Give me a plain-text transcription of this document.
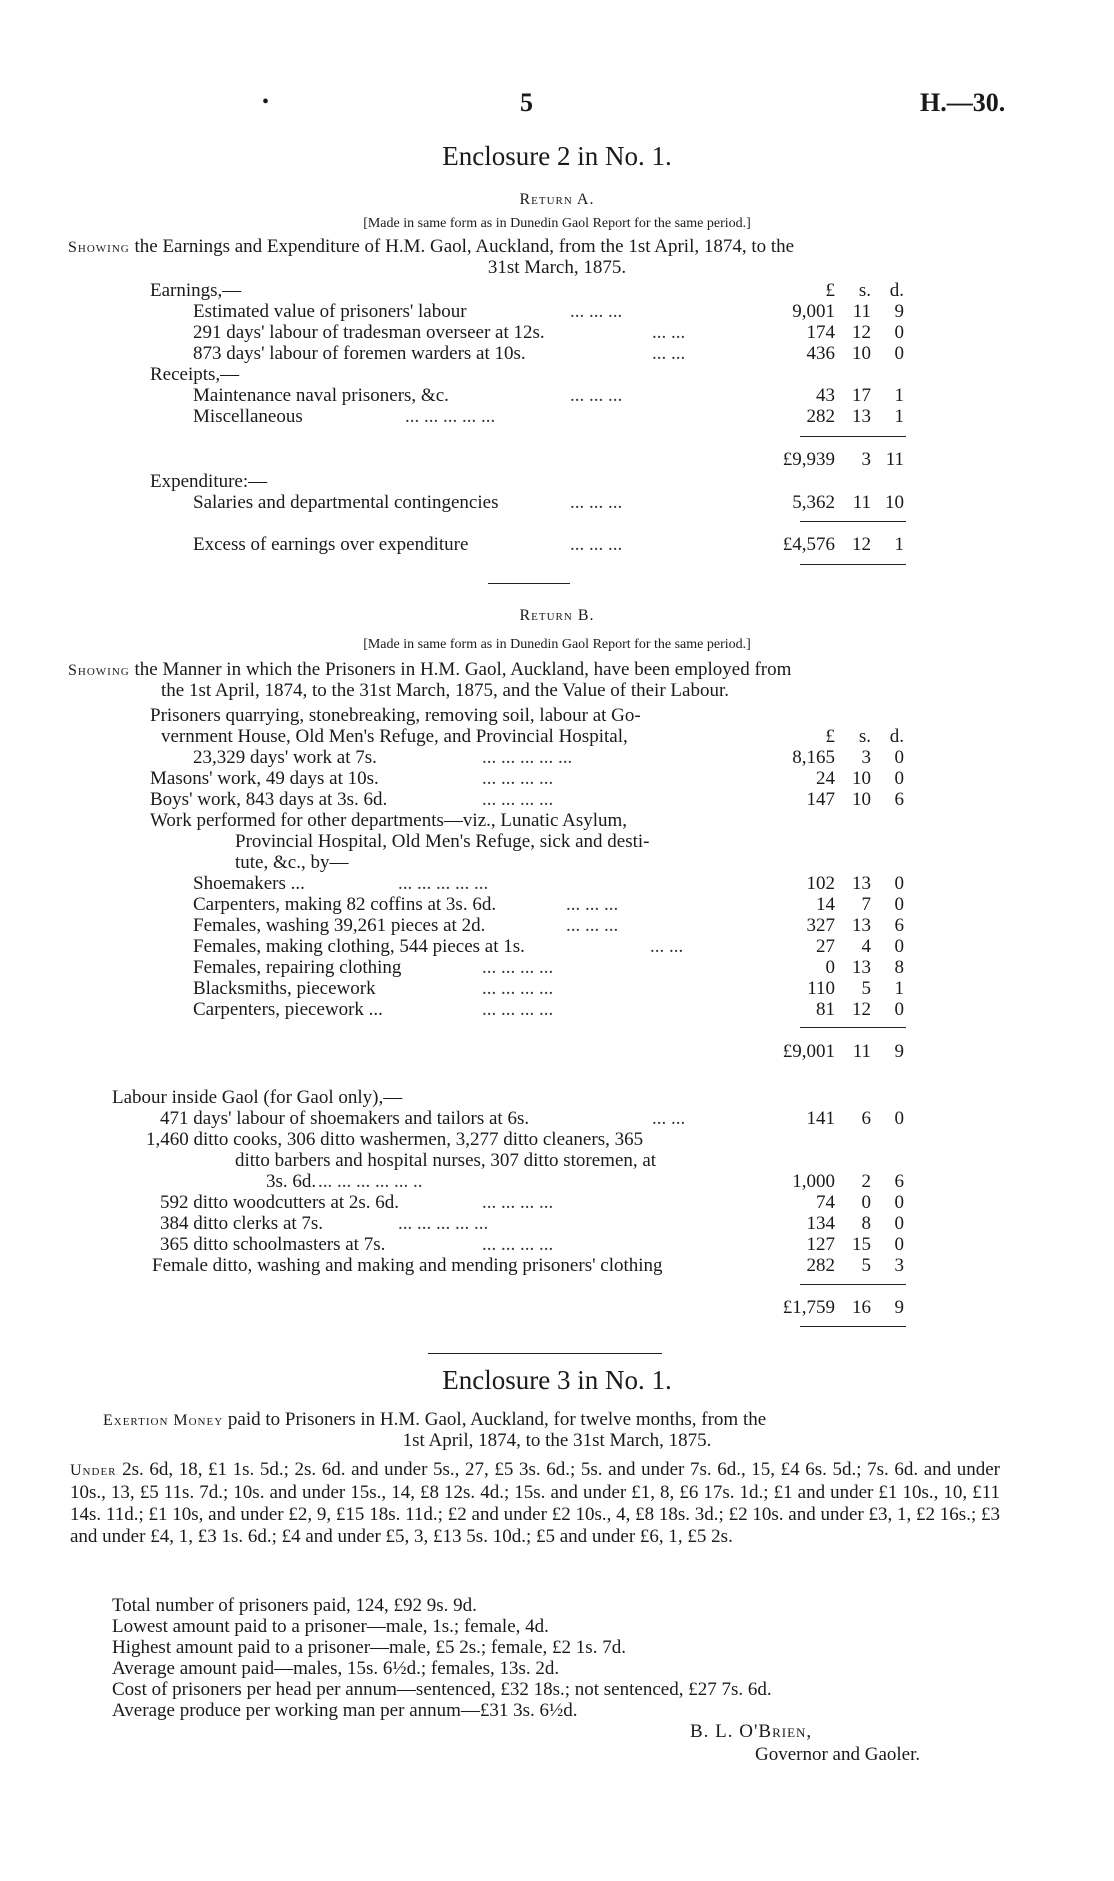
•	5	H.—30.
Enclosure 2 in No. 1.
Return A.
[Made in same form as in Dunedin Gaol Report for the same period.]
Showing the Earnings and Expenditure of H.M. Gaol, Auckland, from the 1st April, 1874, to the
31st March, 1875.
£	s. d.
Earnings,—
Estimated value of prisoners' labour	... ... ...	9,001 11	9
291 days' labour of tradesman overseer at 12s.	... ...	174 12	0
873 days' labour of foremen warders at 10s.	... ...	436 10	0
Receipts,—
Maintenance naval prisoners, &c.	... ... ...	43 17	1
Miscellaneous	... ... ... ... ...	282 13	1
£9,939	3 11
Expenditure:—
Salaries and departmental contingencies	... ... ...	5,362 11 10
Excess of earnings over expenditure	... ... ...	£4,576 12	1
Return B.
[Made in same form as in Dunedin Gaol Report for the same period.]
Showing the Manner in which the Prisoners in H.M. Gaol, Auckland, have been employed from
the 1st April, 1874, to the 31st March, 1875, and the Value of their Labour.
Prisoners quarrying, stonebreaking, removing soil, labour at Go-
vernment House, Old Men's Refuge, and Provincial Hospital,	£	s. d.
23,329 days' work at 7s.	... ... ... ... ...	8,165	3	0
Masons' work, 49 days at 10s.	... ... ... ...	24 10	0
Boys' work, 843 days at 3s. 6d.	... ... ... ...	147 10	6
Work performed for other departments—viz., Lunatic Asylum,
Provincial Hospital, Old Men's Refuge, sick and desti-
tute, &c., by—
Shoemakers ...	... ... ... ... ...	102 13	0
Carpenters, making 82 coffins at 3s. 6d.	... ... ...	14	7	0
Females, washing 39,261 pieces at 2d.	... ... ...	327 13	6
Females, making clothing, 544 pieces at 1s.	... ...	27	4	0
Females, repairing clothing	... ... ... ...	0 13	8
Blacksmiths, piecework	... ... ... ...	110	5	1
Carpenters, piecework ...	... ... ... ...	81 12	0
£9,001 11	9
Labour inside Gaol (for Gaol only),—
471 days' labour of shoemakers and tailors at 6s.	... ...	141	6	0
1,460 ditto cooks, 306 ditto washermen, 3,277 ditto cleaners, 365
ditto barbers and hospital nurses, 307 ditto storemen, at
3s. 6d. ... ... ... ... ... ..	1,000	2	6
592 ditto woodcutters at 2s. 6d.	... ... ... ...	74	0	0
384 ditto clerks at 7s.	... ... ... ... ...	134	8	0
365 ditto schoolmasters at 7s.	... ... ... ...	127 15	0
Female ditto, washing and making and mending prisoners' clothing	282	5	3
£1,759 16	9
Enclosure 3 in No. 1.
Exertion Money paid to Prisoners in H.M. Gaol, Auckland, for twelve months, from the
1st April, 1874, to the 31st March, 1875.
Under 2s. 6d, 18, £1 1s. 5d.; 2s. 6d. and under 5s., 27, £5 3s. 6d.; 5s. and under 7s. 6d., 15, £4 6s. 5d.; 7s. 6d. and under 10s., 13, £5 11s. 7d.; 10s. and under 15s., 14, £8 12s. 4d.; 15s. and under £1, 8, £6 17s. 1d.; £1 and under £1 10s., 10, £11 14s. 11d.; £1 10s, and under £2, 9, £15 18s. 11d.; £2 and under £2 10s., 4, £8 18s. 3d.; £2 10s. and under £3, 1, £2 16s.; £3 and under £4, 1, £3 1s. 6d.; £4 and under £5, 3, £13 5s. 10d.; £5 and under £6, 1, £5 2s.
Total number of prisoners paid, 124, £92 9s. 9d.
Lowest amount paid to a prisoner—male, 1s.; female, 4d.
Highest amount paid to a prisoner—male, £5 2s.; female, £2 1s. 7d.
Average amount paid—males, 15s. 6½d.; females, 13s. 2d.
Cost of prisoners per head per annum—sentenced, £32 18s.; not sentenced, £27 7s. 6d.
Average produce per working man per annum—£31 3s. 6½d.
B. L. O'Brien,
Governor and Gaoler.
